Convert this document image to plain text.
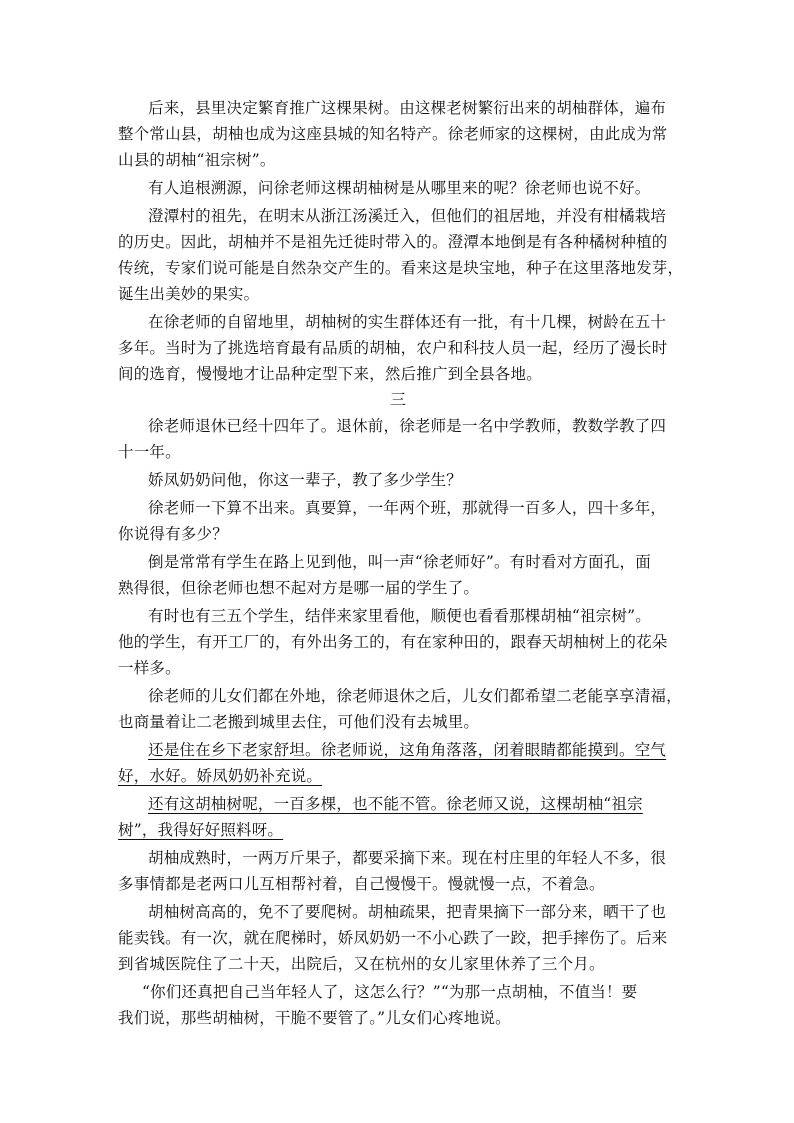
后来，县里决定繁育推广这棵果树。由这棵老树繁衍出来的胡柚群体，遍布
整个常山县，胡柚也成为这座县城的知名特产。徐老师家的这棵树，由此成为常
山县的胡柚“祖宗树”。
有人追根溯源，问徐老师这棵胡柚树是从哪里来的呢？徐老师也说不好。
澄潭村的祖先，在明末从浙江汤溪迁入，但他们的祖居地，并没有柑橘栽培
的历史。因此，胡柚并不是祖先迁徙时带入的。澄潭本地倒是有各种橘树种植的
传统，专家们说可能是自然杂交产生的。看来这是块宝地，种子在这里落地发芽，
诞生出美妙的果实。
在徐老师的自留地里，胡柚树的实生群体还有一批，有十几棵，树龄在五十
多年。当时为了挑选培育最有品质的胡柚，农户和科技人员一起，经历了漫长时
间的选育，慢慢地才让品种定型下来，然后推广到全县各地。
三
徐老师退休已经十四年了。退休前，徐老师是一名中学教师，教数学教了四
十一年。
娇凤奶奶问他，你这一辈子，教了多少学生？
徐老师一下算不出来。真要算，一年两个班，那就得一百多人，四十多年，
你说得有多少？
倒是常常有学生在路上见到他，叫一声“徐老师好”。有时看对方面孔，面
熟得很，但徐老师也想不起对方是哪一届的学生了。
有时也有三五个学生，结伴来家里看他，顺便也看看那棵胡柚“祖宗树”。
他的学生，有开工厂的，有外出务工的，有在家种田的，跟春天胡柚树上的花朵
一样多。
徐老师的儿女们都在外地，徐老师退休之后，儿女们都希望二老能享享清福，
也商量着让二老搬到城里去住，可他们没有去城里。
还是住在乡下老家舒坦。徐老师说，这角角落落，闭着眼睛都能摸到。空气
好，水好。娇凤奶奶补充说。
还有这胡柚树呢，一百多棵，也不能不管。徐老师又说，这棵胡柚“祖宗
树”，我得好好照料呀。
胡柚成熟时，一两万斤果子，都要采摘下来。现在村庄里的年轻人不多，很
多事情都是老两口儿互相帮衬着，自己慢慢干。慢就慢一点，不着急。
胡柚树高高的，免不了要爬树。胡柚疏果，把青果摘下一部分来，晒干了也
能卖钱。有一次，就在爬梯时，娇凤奶奶一不小心跌了一跤，把手摔伤了。后来
到省城医院住了二十天，出院后，又在杭州的女儿家里休养了三个月。
“你们还真把自己当年轻人了，这怎么行？”“为那一点胡柚，不值当！要
我们说，那些胡柚树，干脆不要管了。”儿女们心疼地说。
